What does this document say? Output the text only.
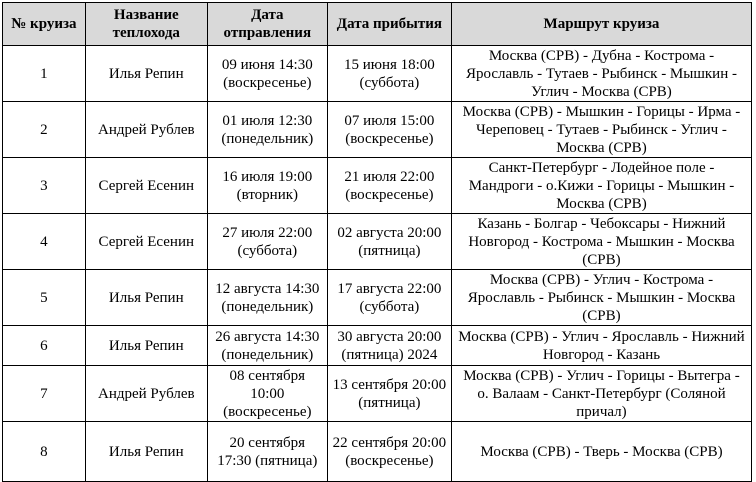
№ круиза	Название теплохода	Дата отправления	Дата прибытия	Маршрут круиза
1	Илья Репин	09 июня 14:30 (воскресенье)	15 июня 18:00 (суббота)	Москва (СРВ) - Дубна - Кострома - Ярославль - Тутаев - Рыбинск - Мышкин - Углич - Москва (СРВ)
2	Андрей Рублев	01 июля 12:30 (понедельник)	07 июля 15:00 (воскресенье)	Москва (СРВ) - Мышкин - Горицы - Ирма - Череповец - Тутаев - Рыбинск - Углич - Москва (СРВ)
3	Сергей Есенин	16 июля 19:00 (вторник)	21 июля 22:00 (воскресенье)	Санкт-Петербург - Лодейное поле - Мандроги - о.Кижи - Горицы - Мышкин - Москва (СРВ)
4	Сергей Есенин	27 июля 22:00 (суббота)	02 августа 20:00 (пятница)	Казань - Болгар - Чебоксары - Нижний Новгород - Кострома - Мышкин - Москва (СРВ)
5	Илья Репин	12 августа 14:30 (понедельник)	17 августа 22:00 (суббота)	Москва (СРВ) - Углич - Кострома - Ярославль - Рыбинск - Мышкин - Москва (СРВ)
6	Илья Репин	26 августа 14:30 (понедельник)	30 августа 20:00 (пятница) 2024	Москва (СРВ) - Углич - Ярославль - Нижний Новгород - Казань
7	Андрей Рублев	08 сентября 10:00 (воскресенье)	13 сентября 20:00 (пятница)	Москва (СРВ) - Углич - Горицы - Вытегра - о. Валаам - Санкт-Петербург (Соляной причал)
8	Илья Репин	20 сентября 17:30 (пятница)	22 сентября 20:00 (воскресенье)	Москва (СРВ) - Тверь - Москва (СРВ)
